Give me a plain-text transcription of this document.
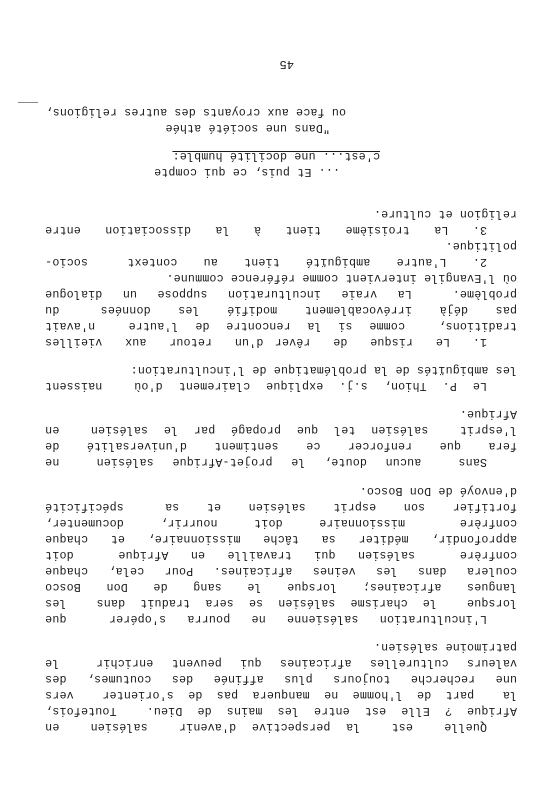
Quelle  est  la perspective d'avenir  salésien  en
Afrique ? Elle est entre les mains de Dieu.  Toutefois,
la  part de l'homme ne manquera pas de s'orienter  vers
une recherche toujours plus affinée des coutumes, des
valeurs culturelles africaines qui peuvent enrichir  le
patrimoine salésien.
L'inculturation salésienne ne pourra s'opérer  que
lorsque  le charisme salésien se sera traduit dans  les
langues africaines; lorsque le sang de Don Bosco
coulera dans les veines africaines. Pour cela, chaque
confrère  salésien qui travaille en Afrique  doit
approfondir, méditer sa tâche missionnaire, et chaque
confrère   missionnaire  doit  nourrir,  documenter,
fortifier  son  esprit  salésien  et  sa   spécificité
d'envoyé de Don Bosco.
Sans  aucun doute, le projet-Afrique salésien  ne
fera  que  renforcer  ce  sentiment  d'universalité  de
l'esprit  salésien tel que propagé par le salésien  en
Afrique.
Le P. Thion, s.j. explique clairement d'où  naissent
les ambiguïtés de la problématique de l'inculturation:
1.  Le  risque  de  rêver d'un  retour  aux  vieilles
traditions,  comme si la rencontre de l'autre  n'avait
pas  déjà  irrévocablement  modifié  les  données   du
problème.  La vraie inculturation suppose un dialogue
où l'Evangile intervient comme référence commune.
2.  L'autre  ambiguïté  tient  au  context   socio-
politique.
3.  La  troisième  tient  à  la  dissociation  entre
religion et culture.
... Et puis, ce qui compte
c'est... une docilité humble:
"Dans une société athée
ou face aux croyants des autres religions,
45
